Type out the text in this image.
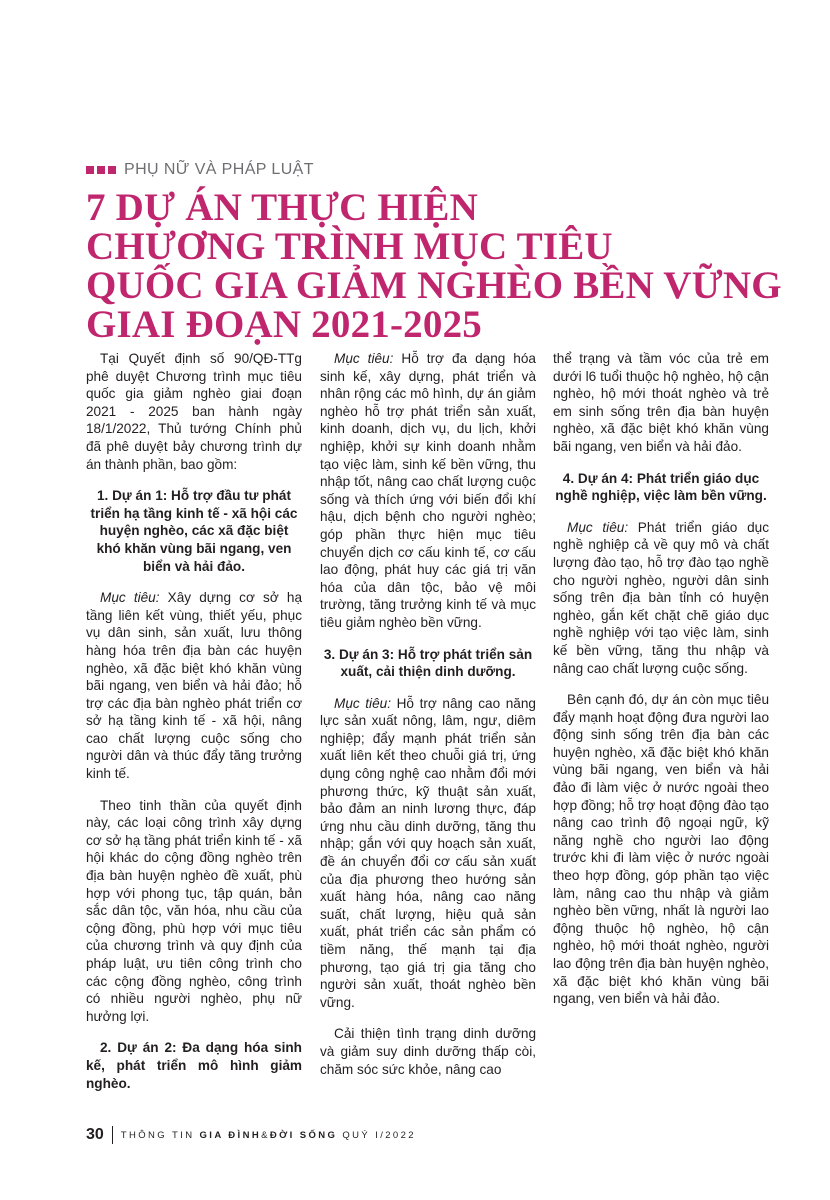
PHỤ NỮ VÀ PHÁP LUẬT
7 DỰ ÁN THỰC HIỆN
CHƯƠNG TRÌNH MỤC TIÊU
QUỐC GIA GIẢM NGHÈO BỀN VỮNG
GIAI ĐOẠN 2021-2025

Tại Quyết định số 90/QĐ-TTg phê duyệt Chương trình mục tiêu quốc gia giảm nghèo giai đoạn 2021 - 2025 ban hành ngày 18/1/2022, Thủ tướng Chính phủ đã phê duyệt bảy chương trình dự án thành phần, bao gồm:

1. Dự án 1: Hỗ trợ đầu tư phát triển hạ tầng kinh tế - xã hội các huyện nghèo, các xã đặc biệt khó khăn vùng bãi ngang, ven biển và hải đảo.

Mục tiêu: Xây dựng cơ sở hạ tầng liên kết vùng, thiết yếu, phục vụ dân sinh, sản xuất, lưu thông hàng hóa trên địa bàn các huyện nghèo, xã đặc biệt khó khăn vùng bãi ngang, ven biển và hải đảo; hỗ trợ các địa bàn nghèo phát triển cơ sở hạ tầng kinh tế - xã hội, nâng cao chất lượng cuộc sống cho người dân và thúc đẩy tăng trưởng kinh tế.

Theo tinh thần của quyết định này, các loại công trình xây dựng cơ sở hạ tầng phát triển kinh tế - xã hội khác do cộng đồng nghèo trên địa bàn huyện nghèo đề xuất, phù hợp với phong tục, tập quán, bản sắc dân tộc, văn hóa, nhu cầu của cộng đồng, phù hợp với mục tiêu của chương trình và quy định của pháp luật, ưu tiên công trình cho các cộng đồng nghèo, công trình có nhiều người nghèo, phụ nữ hưởng lợi.

2. Dự án 2: Đa dạng hóa sinh kế, phát triển mô hình giảm nghèo.

Mục tiêu: Hỗ trợ đa dạng hóa sinh kế, xây dựng, phát triển và nhân rộng các mô hình, dự án giảm nghèo hỗ trợ phát triển sản xuất, kinh doanh, dịch vụ, du lịch, khởi nghiệp, khởi sự kinh doanh nhằm tạo việc làm, sinh kế bền vững, thu nhập tốt, nâng cao chất lượng cuộc sống và thích ứng với biến đổi khí hậu, dịch bệnh cho người nghèo; góp phần thực hiện mục tiêu chuyển dịch cơ cấu kinh tế, cơ cấu lao động, phát huy các giá trị văn hóa của dân tộc, bảo vệ môi trường, tăng trưởng kinh tế và mục tiêu giảm nghèo bền vững.

3. Dự án 3: Hỗ trợ phát triển sản xuất, cải thiện dinh dưỡng.

Mục tiêu: Hỗ trợ nâng cao năng lực sản xuất nông, lâm, ngư, diêm nghiệp; đẩy mạnh phát triển sản xuất liên kết theo chuỗi giá trị, ứng dụng công nghệ cao nhằm đổi mới phương thức, kỹ thuật sản xuất, bảo đảm an ninh lương thực, đáp ứng nhu cầu dinh dưỡng, tăng thu nhập; gắn với quy hoạch sản xuất, đề án chuyển đổi cơ cấu sản xuất của địa phương theo hướng sản xuất hàng hóa, nâng cao năng suất, chất lượng, hiệu quả sản xuất, phát triển các sản phẩm có tiềm năng, thế mạnh tại địa phương, tạo giá trị gia tăng cho người sản xuất, thoát nghèo bền vững.

Cải thiện tình trạng dinh dưỡng và giảm suy dinh dưỡng thấp còi, chăm sóc sức khỏe, nâng cao

thể trạng và tầm vóc của trẻ em dưới l6 tuổi thuộc hộ nghèo, hộ cận nghèo, hộ mới thoát nghèo và trẻ em sinh sống trên địa bàn huyện nghèo, xã đặc biệt khó khăn vùng bãi ngang, ven biển và hải đảo.

4. Dự án 4: Phát triển giáo dục nghề nghiệp, việc làm bền vững.

Mục tiêu: Phát triển giáo dục nghề nghiệp cả về quy mô và chất lượng đào tạo, hỗ trợ đào tạo nghề cho người nghèo, người dân sinh sống trên địa bàn tỉnh có huyện nghèo, gắn kết chặt chẽ giáo dục nghề nghiệp với tạo việc làm, sinh kế bền vững, tăng thu nhập và nâng cao chất lượng cuộc sống.

Bên cạnh đó, dự án còn mục tiêu đẩy mạnh hoạt động đưa người lao động sinh sống trên địa bàn các huyện nghèo, xã đặc biệt khó khăn vùng bãi ngang, ven biển và hải đảo đi làm việc ở nước ngoài theo hợp đồng; hỗ trợ hoạt động đào tạo nâng cao trình độ ngoại ngữ, kỹ năng nghề cho người lao động trước khi đi làm việc ở nước ngoài theo hợp đồng, góp phần tạo việc làm, nâng cao thu nhập và giảm nghèo bền vững, nhất là người lao động thuộc hộ nghèo, hộ cận nghèo, hộ mới thoát nghèo, người lao động trên địa bàn huyện nghèo, xã đặc biệt khó khăn vùng bãi ngang, ven biển và hải đảo.

30 THÔNG TIN GIA ĐÌNH&ĐỜI SỐNG QUÝ I/2022
